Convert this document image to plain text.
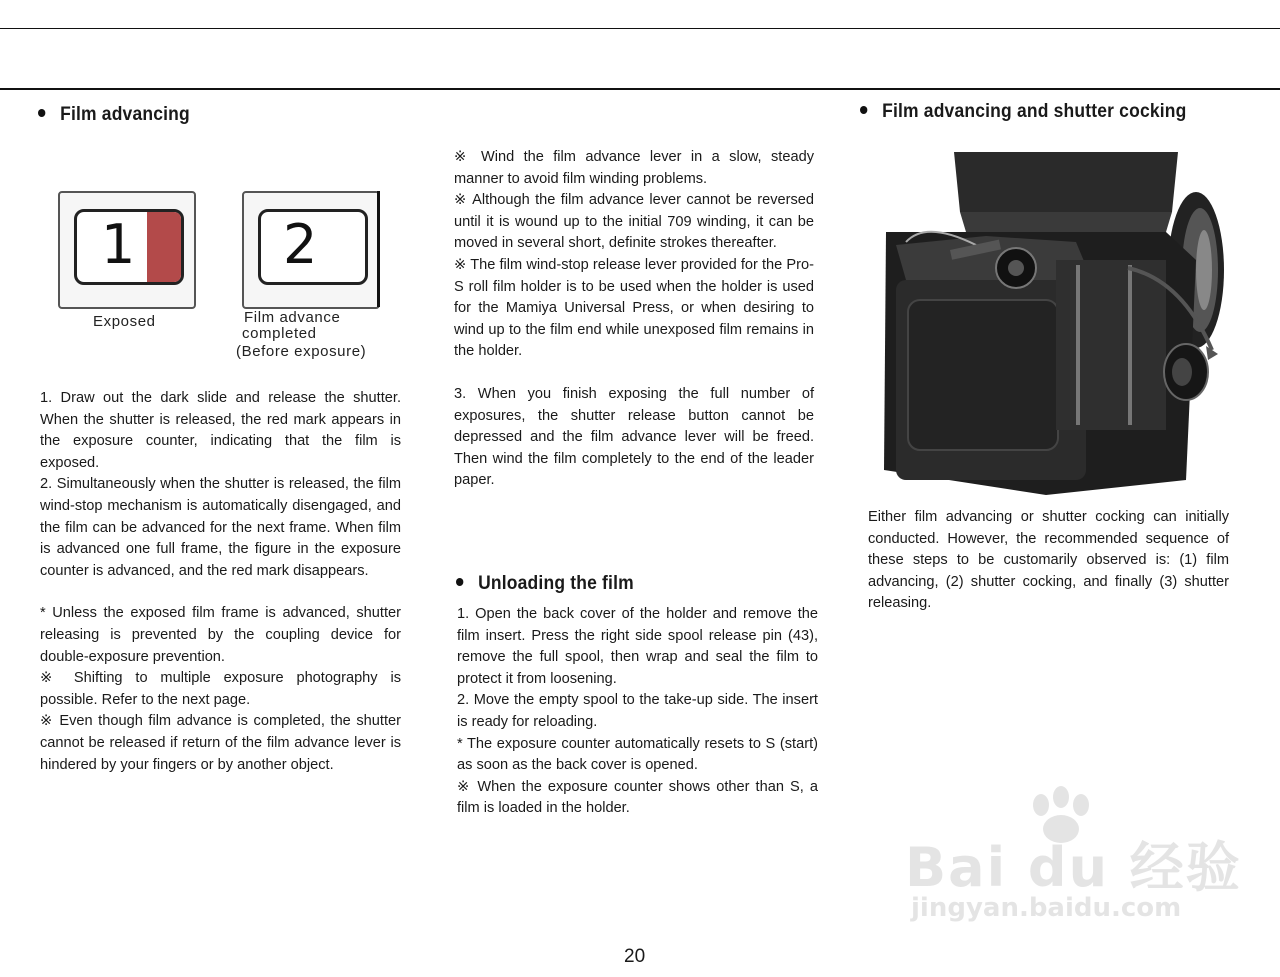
Film advancing
1
Exposed
2
Film advance
completed
(Before exposure)

1. Draw out the dark slide and release the shutter. When the shutter is released, the red mark appears in the exposure counter, indicating that the film is exposed.

2. Simultaneously when the shutter is released, the film wind-stop mechanism is automatically disengaged, and the film can be advanced for the next frame. When film is advanced one full frame, the figure in the exposure counter is advanced, and the red mark disappears.

* Unless the exposed film frame is advanced, shutter releasing is prevented by the coupling device for double-exposure prevention.

※ Shifting to multiple exposure photography is possible. Refer to the next page.

※ Even though film advance is completed, the shutter cannot be released if return of the film advance lever is hindered by your fingers or by another object.

※ Wind the film advance lever in a slow, steady manner to avoid film winding problems.

※ Although the film advance lever cannot be reversed until it is wound up to the initial 709 winding, it can be moved in several short, definite strokes thereafter.

※ The film wind-stop release lever provided for the Pro-S roll film holder is to be used when the holder is used for the Mamiya Universal Press, or when desiring to wind up to the film end while unexposed film remains in the holder.

3. When you finish exposing the full number of exposures, the shutter release button cannot be depressed and the film advance lever will be freed. Then wind the film completely to the end of the leader paper.

Unloading the film

1. Open the back cover of the holder and remove the film insert. Press the right side spool release pin (43), remove the full spool, then wrap and seal the film to protect it from loosening.

2. Move the empty spool to the take-up side. The insert is ready for reloading.

* The exposure counter automatically resets to S (start) as soon as the back cover is opened.

※ When the exposure counter shows other than S, a film is loaded in the holder.

Film advancing and shutter cocking

Either film advancing or shutter cocking can initially conducted. However, the recommended sequence of these steps to be customarily observed is: (1) film advancing, (2) shutter cocking, and finally (3) shutter releasing.

Bai du 经验
jingyan.baidu.com
20
